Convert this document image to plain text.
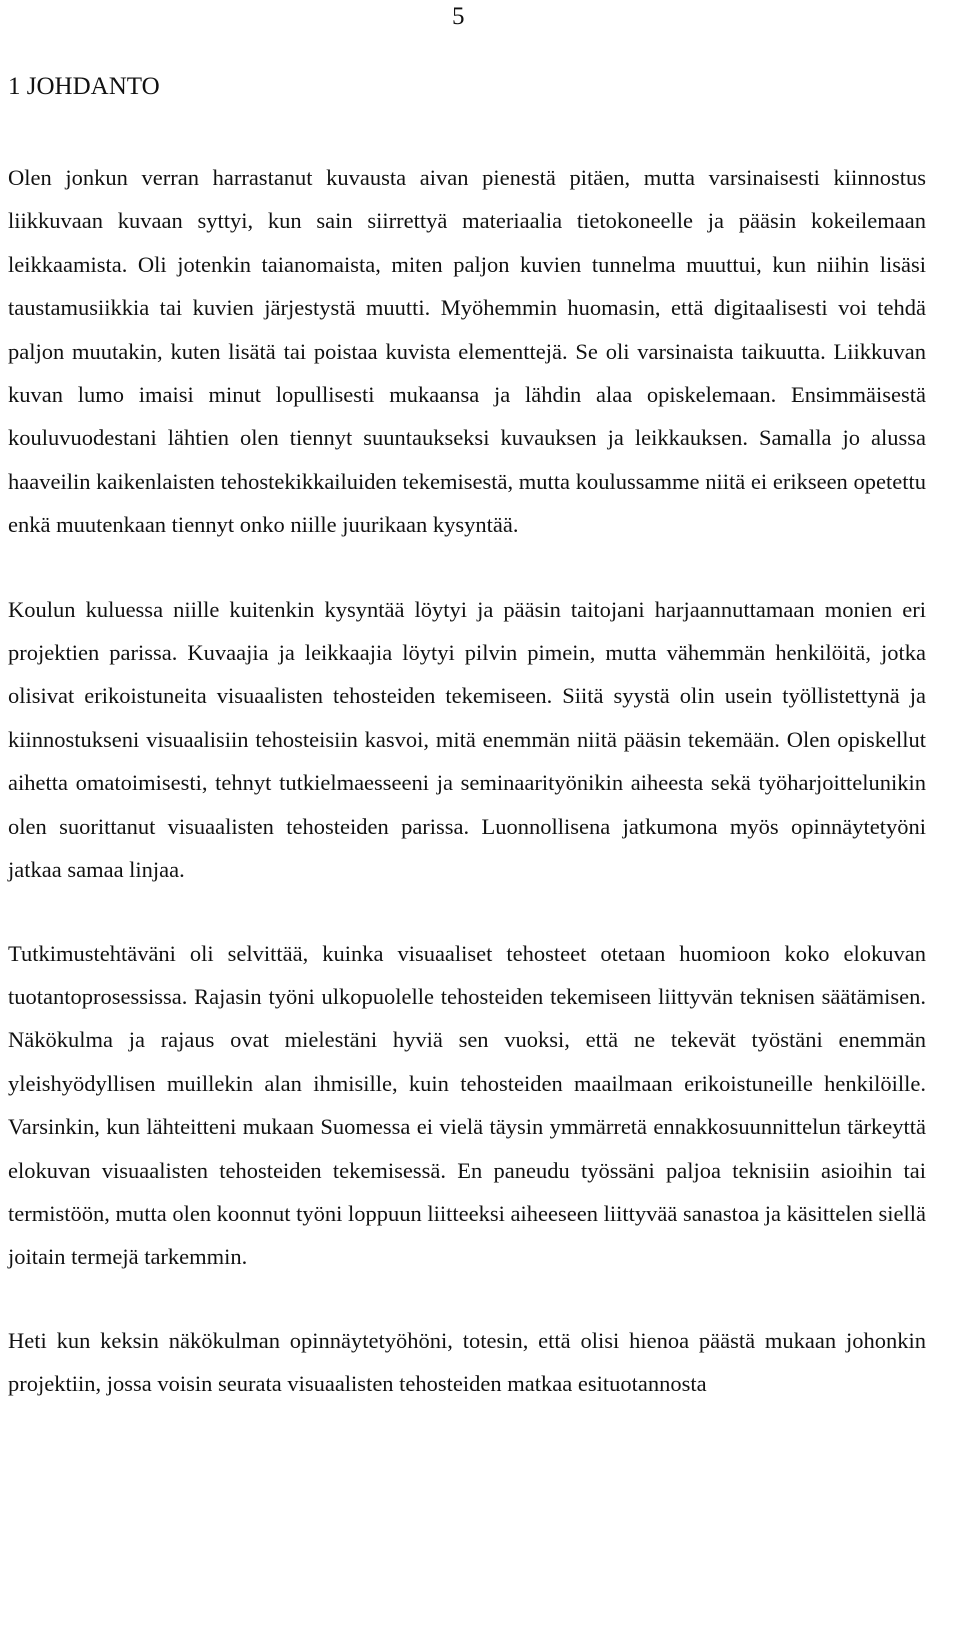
5
1 JOHDANTO

Olen jonkun verran harrastanut kuvausta aivan pienestä pitäen, mutta varsinaisesti kiinnostus liikkuvaan kuvaan syttyi, kun sain siirrettyä materiaalia tietokoneelle ja pääsin kokeilemaan leikkaamista. Oli jotenkin taianomaista, miten paljon kuvien tunnelma muuttui, kun niihin lisäsi taustamusiikkia tai kuvien järjestystä muutti. Myöhemmin huomasin, että digitaalisesti voi tehdä paljon muutakin, kuten lisätä tai poistaa kuvista elementtejä. Se oli varsinaista taikuutta. Liikkuvan kuvan lumo imaisi minut lopullisesti mukaansa ja lähdin alaa opiskelemaan. Ensimmäisestä kouluvuodestani lähtien olen tiennyt suuntaukseksi kuvauksen ja leikkauksen. Samalla jo alussa haaveilin kaikenlaisten tehostekikkailuiden tekemisestä, mutta koulussamme niitä ei erikseen opetettu enkä muutenkaan tiennyt onko niille juurikaan kysyntää.

Koulun kuluessa niille kuitenkin kysyntää löytyi ja pääsin taitojani harjaannuttamaan monien eri projektien parissa. Kuvaajia ja leikkaajia löytyi pilvin pimein, mutta vähemmän henkilöitä, jotka olisivat erikoistuneita visuaalisten tehosteiden tekemiseen. Siitä syystä olin usein työllistettynä ja kiinnostukseni visuaalisiin tehosteisiin kasvoi, mitä enemmän niitä pääsin tekemään. Olen opiskellut aihetta omatoimisesti, tehnyt tutkielmaesseeni ja seminaarityönikin aiheesta sekä työharjoittelunikin olen suorittanut visuaalisten tehosteiden parissa. Luonnollisena jatkumona myös opinnäytetyöni jatkaa samaa linjaa.

Tutkimustehtäväni oli selvittää, kuinka visuaaliset tehosteet otetaan huomioon koko elokuvan tuotantoprosessissa. Rajasin työni ulkopuolelle tehosteiden tekemiseen liittyvän teknisen säätämisen. Näkökulma ja rajaus ovat mielestäni hyviä sen vuoksi, että ne tekevät työstäni enemmän yleishyödyllisen muillekin alan ihmisille, kuin tehosteiden maailmaan erikoistuneille henkilöille. Varsinkin, kun lähteitteni mukaan Suomessa ei vielä täysin ymmärretä ennakkosuunnittelun tärkeyttä elokuvan visuaalisten tehosteiden tekemisessä. En paneudu työssäni paljoa teknisiin asioihin tai termistöön, mutta olen koonnut työni loppuun liitteeksi aiheeseen liittyvää sanastoa ja käsittelen siellä joitain termejä tarkemmin.

Heti kun keksin näkökulman opinnäytetyöhöni, totesin, että olisi hienoa päästä mukaan johonkin projektiin, jossa voisin seurata visuaalisten tehosteiden matkaa esituotannosta
